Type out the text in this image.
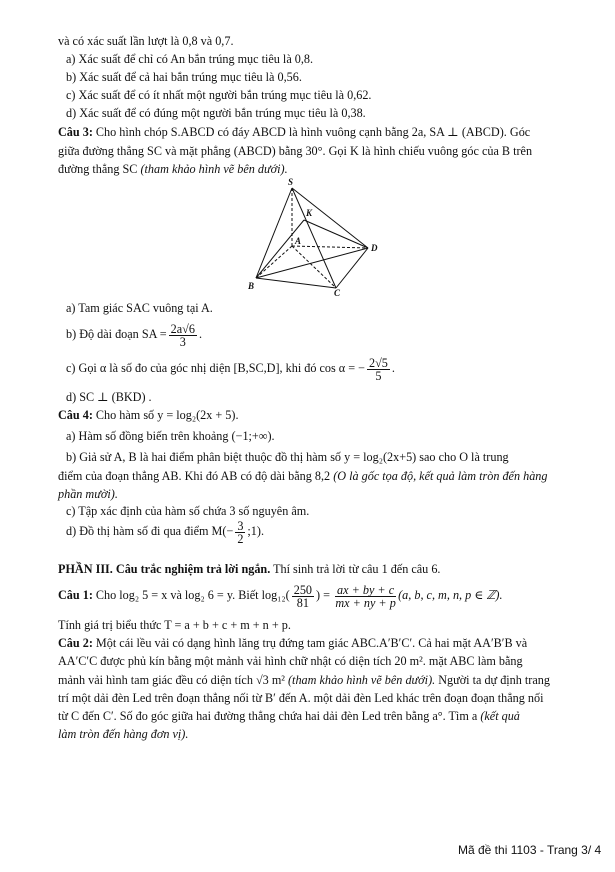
và có xác suất lần lượt là 0,8 và 0,7.
a) Xác suất để chỉ có An bắn trúng mục tiêu là 0,8.
b) Xác suất để cả hai bắn trúng mục tiêu là 0,56.
c) Xác suất để có ít nhất một người bắn trúng mục tiêu là 0,62.
d) Xác suất để có đúng một người bắn trúng mục tiêu là 0,38.
Câu 3: Cho hình chóp S.ABCD có đáy ABCD là hình vuông cạnh bằng 2a, SA ⊥ (ABCD). Góc
giữa đường thẳng SC và mặt phẳng (ABCD) bằng 30°. Gọi K là hình chiếu vuông góc của B trên
đường thẳng SC (tham khảo hình vẽ bên dưới).
S
K
A
D
B
C
a) Tam giác SAC vuông tại A.
b) Độ dài đoạn SA = $\frac{2a√6}{3}$ .
c) Gọi α là số đo của góc nhị diện [B,SC,D], khi đó cos α = − $\frac{2√5}{5}$ .
d) SC ⊥ (BKD) .
Câu 4: Cho hàm số y = log₂(2x + 5).
a) Hàm số đồng biến trên khoảng (−1;+∞).
b) Giả sử A, B là hai điểm phân biệt thuộc đồ thị hàm số y = log₂(2x+5) sao cho O là trung
điểm của đoạn thẳng AB. Khi đó AB có độ dài bằng 8,2 (O là gốc tọa độ, kết quả làm tròn đến hàng
phần mười).
c) Tập xác định của hàm số chứa 3 số nguyên âm.
d) Đồ thị hàm số đi qua điểm $M(- \frac{3}{2}$ ;1).
PHẦN III. Câu trắc nghiệm trả lời ngắn. Thí sinh trả lời từ câu 1 đến câu 6.
Câu 1: Cho log₂ 5 = x và log₂ 6 = y. Biết $\log_{12}( \frac{250}{81}$ ) = $\frac{ax + by + c}{mx + ny + p} (a$, b, c, m, n, p ∈ ℤ).
Tính giá trị biểu thức T = a + b + c + m + n + p.
Câu 2: Một cái lều vải có dạng hình lăng trụ đứng tam giác ABC.A′B′C′. Cả hai mặt AA′B′B và
AA′C′C được phủ kín bằng một mảnh vải hình chữ nhật có diện tích 20 m². mặt ABC làm bằng
mảnh vải hình tam giác đều có diện tích √3 m² (tham khảo hình vẽ bên dưới). Người ta dự định trang
trí một dải đèn Led trên đoạn thẳng nối từ B′ đến A. một dải đèn Led khác trên đoạn đoạn thẳng nối
từ C đến C′. Số đo góc giữa hai đường thẳng chứa hai dải đèn Led trên bằng a°. Tìm a (kết quả
làm tròn đến hàng đơn vị).
Mã đề thi 1103 - Trang 3/ 4
